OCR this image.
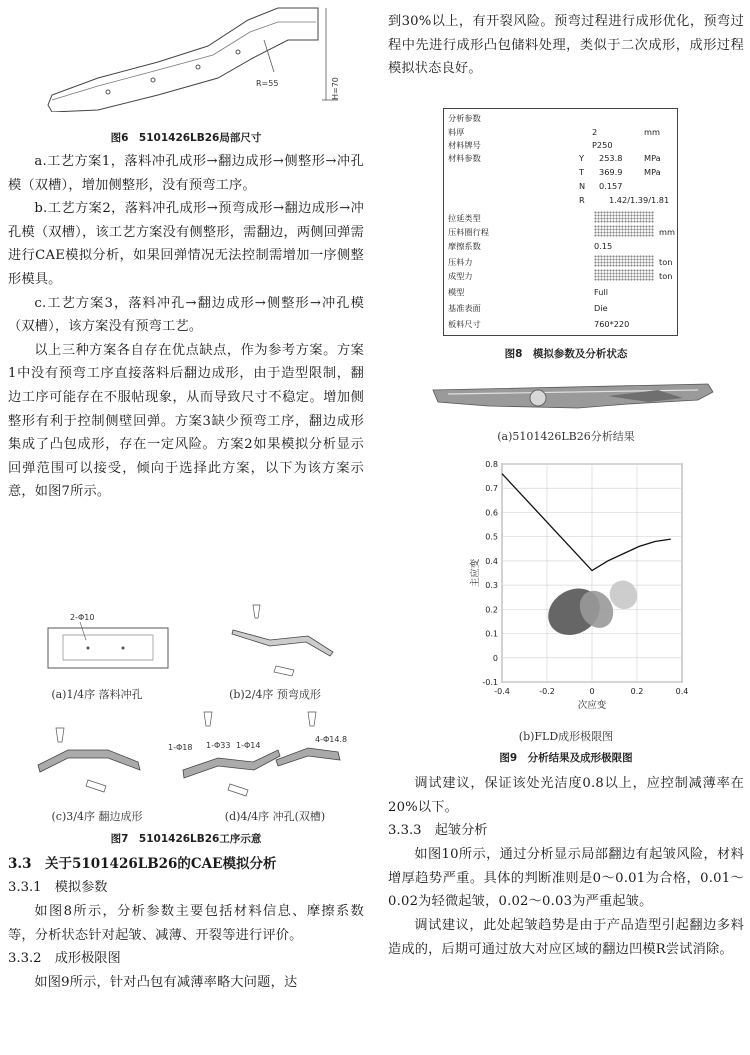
R=55	H=70
图6　5101426LB26局部尺寸

a.工艺方案1，落料冲孔成形→翻边成形→侧整形→冲孔模（双槽），增加侧整形，没有预弯工序。

b.工艺方案2，落料冲孔成形→预弯成形→翻边成形→冲孔模（双槽），该工艺方案没有侧整形，需翻边，两侧回弹需进行CAE模拟分析，如果回弹情况无法控制需增加一序侧整形模具。

c.工艺方案3，落料冲孔→翻边成形→侧整形→冲孔模（双槽），该方案没有预弯工艺。

以上三种方案各自存在优点缺点，作为参考方案。方案1中没有预弯工序直接落料后翻边成形，由于造型限制，翻边工序可能存在不服帖现象，从而导致尺寸不稳定。增加侧整形有利于控制侧壁回弹。方案3缺少预弯工序，翻边成形集成了凸包成形，存在一定风险。方案2如果模拟分析显示回弹范围可以接受，倾向于选择此方案，以下为该方案示意，如图7所示。

2-Φ10
1-Φ18 1-Φ33 1-Φ14
4-Φ14.8
(a)1/4序 落料冲孔	(b)2/4序 预弯成形
(c)3/4序 翻边成形	(d)4/4序 冲孔(双槽)
图7　5101426LB26工序示意
3.3　关于5101426LB26的CAE模拟分析
3.3.1　模拟参数

如图8所示，分析参数主要包括材料信息、摩擦系数等，分析状态针对起皱、减薄、开裂等进行评价。

3.3.2　成形极限图

如图9所示，针对凸包有减薄率略大问题，达

到30%以上，有开裂风险。预弯过程进行成形优化，预弯过程中先进行成形凸包储料处理，类似于二次成形，成形过程模拟状态良好。

分析参数
料厚	2	mm
材料牌号	P250
材料参数	Y 253.8	MPa
T 369.9	MPa
N 0.157
R	1.42/1.39/1.81
拉延类型
压料圈行程	mm
摩擦系数	0.15
压料力	ton
成型力	ton
模型	Full
基准表面	Die
板料尺寸	760*220
图8　模拟参数及分析状态
(a)5101426LB26分析结果
-0.4	-0.2	0	0.2	0.4
-0.1
0
0.1
0.2
0.3
0.4
0.5
0.6
0.7
0.8
次应变
主应变
(b)FLD成形极限图
图9　分析结果及成形极限图

调试建议，保证该处光洁度0.8以上，应控制减薄率在20%以下。

3.3.3　起皱分析

如图10所示，通过分析显示局部翻边有起皱风险，材料增厚趋势严重。具体的判断准则是0～0.01为合格，0.01～0.02为轻微起皱，0.02～0.03为严重起皱。

调试建议，此处起皱趋势是由于产品造型引起翻边多料造成的，后期可通过放大对应区域的翻边凹模R尝试消除。
